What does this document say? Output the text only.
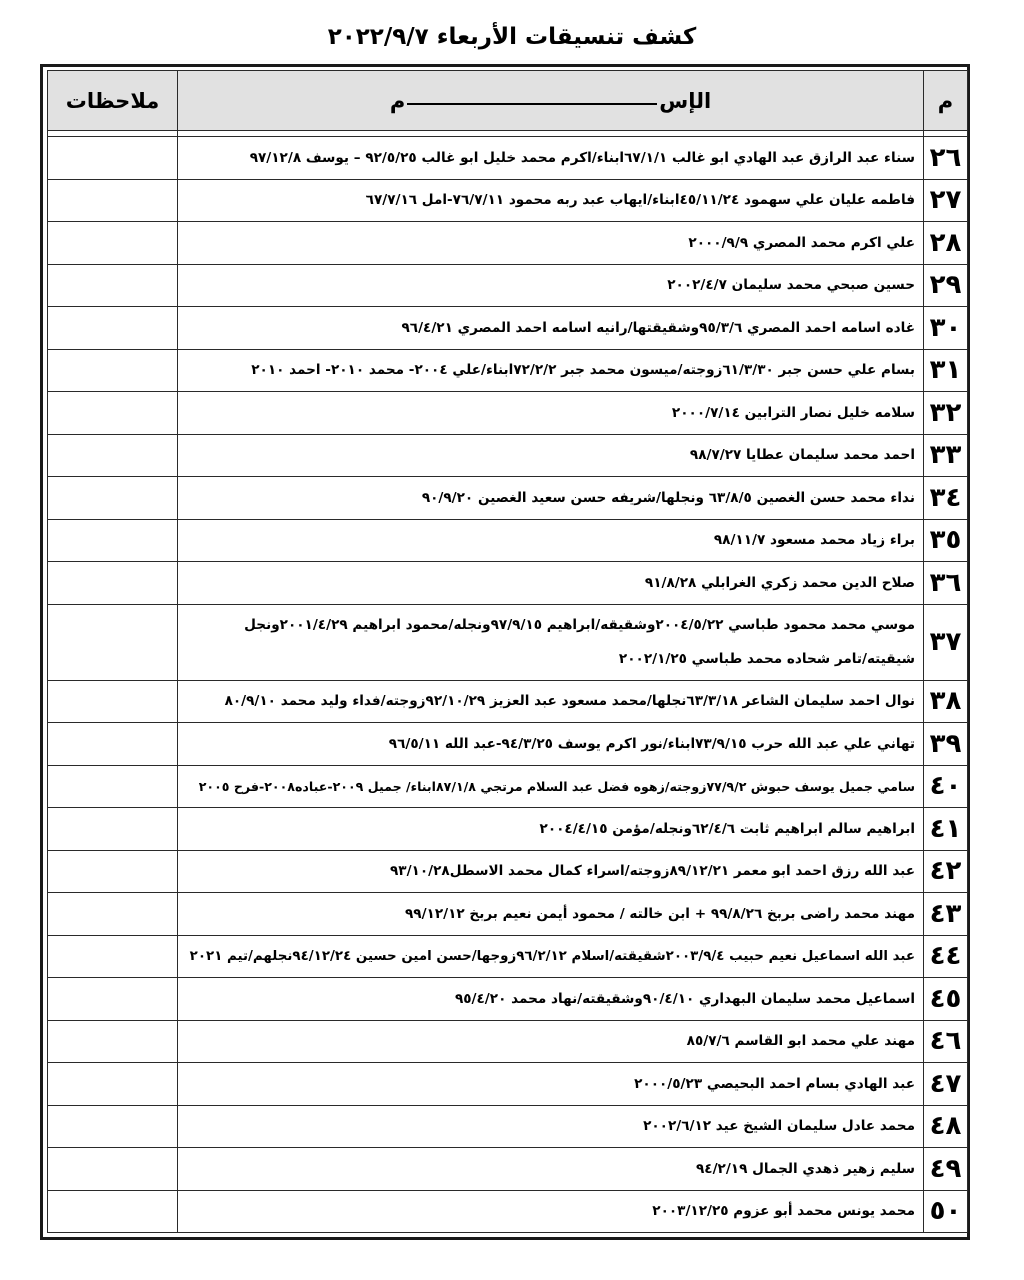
كشف تنسيقات الأربعاء ٢٠٢٢/٩/٧
م	الإسم	ملاحظات

٢٦	سناء عبد الرازق عبد الهادي ابو غالب ٦٧/١/١ابناء/اكرم محمد خليل ابو غالب ٩٢/٥/٢٥ – يوسف ٩٧/١٢/٨	
٢٧	فاطمه عليان علي سهمود ٤٥/١١/٢٤ابناء/ايهاب عبد ربه محمود ٧٦/٧/١١-امل ٦٧/٧/١٦	
٢٨	علي اكرم محمد المصري ٢٠٠٠/٩/٩	
٢٩	حسين صبحي محمد سليمان ٢٠٠٢/٤/٧	
٣٠	غاده اسامه احمد المصري ٩٥/٣/٦وشقيقتها/رانيه اسامه احمد المصري ٩٦/٤/٢١	
٣١	بسام علي حسن جبر ٦١/٣/٣٠زوجته/ميسون محمد جبر ٧٢/٢/٢ابناء/علي ٢٠٠٤- محمد ٢٠١٠- احمد ٢٠١٠	
٣٢	سلامه خليل نصار الترابين ٢٠٠٠/٧/١٤	
٣٣	احمد محمد سليمان عطايا ٩٨/٧/٢٧	
٣٤	نداء محمد حسن الغصين ٦٣/٨/٥ ونجلها/شريفه حسن سعيد الغصين ٩٠/٩/٢٠	
٣٥	براء زياد محمد مسعود ٩٨/١١/٧	
٣٦	صلاح الدين محمد زكري الغرابلي ٩١/٨/٢٨	
٣٧	موسي محمد محمود طباسي ٢٠٠٤/٥/٢٢وشقيقه/ابراهيم ٩٧/٩/١٥ونجله/محمود ابراهيم ٢٠٠١/٤/٢٩ونجل شيقيته/تامر شحاده محمد طباسي ٢٠٠٢/١/٢٥	
٣٨	نوال احمد سليمان الشاعر ٦٣/٣/١٨نجلها/محمد مسعود عبد العزيز ٩٢/١٠/٢٩زوجته/فداء وليد محمد ٨٠/٩/١٠	
٣٩	تهاني علي عبد الله حرب ٧٣/٩/١٥ابناء/نور اكرم يوسف ٩٤/٣/٢٥-عبد الله ٩٦/٥/١١	
٤٠	سامي جميل يوسف حبوش ٧٧/٩/٢زوجته/زهوه فضل عبد السلام مرتجي ٨٧/١/٨ابناء/ جميل ٢٠٠٩-عباده٢٠٠٨-فرح ٢٠٠٥	
٤١	ابراهيم سالم ابراهيم ثابت ٦٢/٤/٦ونجله/مؤمن ٢٠٠٤/٤/١٥	
٤٢	عبد الله رزق احمد ابو معمر ٨٩/١٢/٢١زوجته/اسراء كمال محمد الاسطل٩٣/١٠/٢٨	
٤٣	مهند محمد راضى بربخ ٩٩/٨/٢٦ + ابن خالته / محمود أيمن نعيم بربخ ٩٩/١٢/١٢	
٤٤	عبد الله اسماعيل نعيم حبيب ٢٠٠٣/٩/٤شقيقته/اسلام ٩٦/٢/١٢زوجها/حسن امين حسين ٩٤/١٢/٢٤نجلهم/تيم ٢٠٢١	
٤٥	اسماعيل محمد سليمان البهداري ٩٠/٤/١٠وشقيقته/نهاد محمد ٩٥/٤/٢٠	
٤٦	مهند علي محمد ابو القاسم ٨٥/٧/٦	
٤٧	عبد الهادي بسام احمد البحيصي ٢٠٠٠/٥/٢٣	
٤٨	محمد عادل سليمان الشيخ عيد ٢٠٠٢/٦/١٢	
٤٩	سليم زهير ذهدي الجمال ٩٤/٢/١٩	
٥٠	محمد يونس محمد أبو عزوم ٢٠٠٣/١٢/٢٥	
